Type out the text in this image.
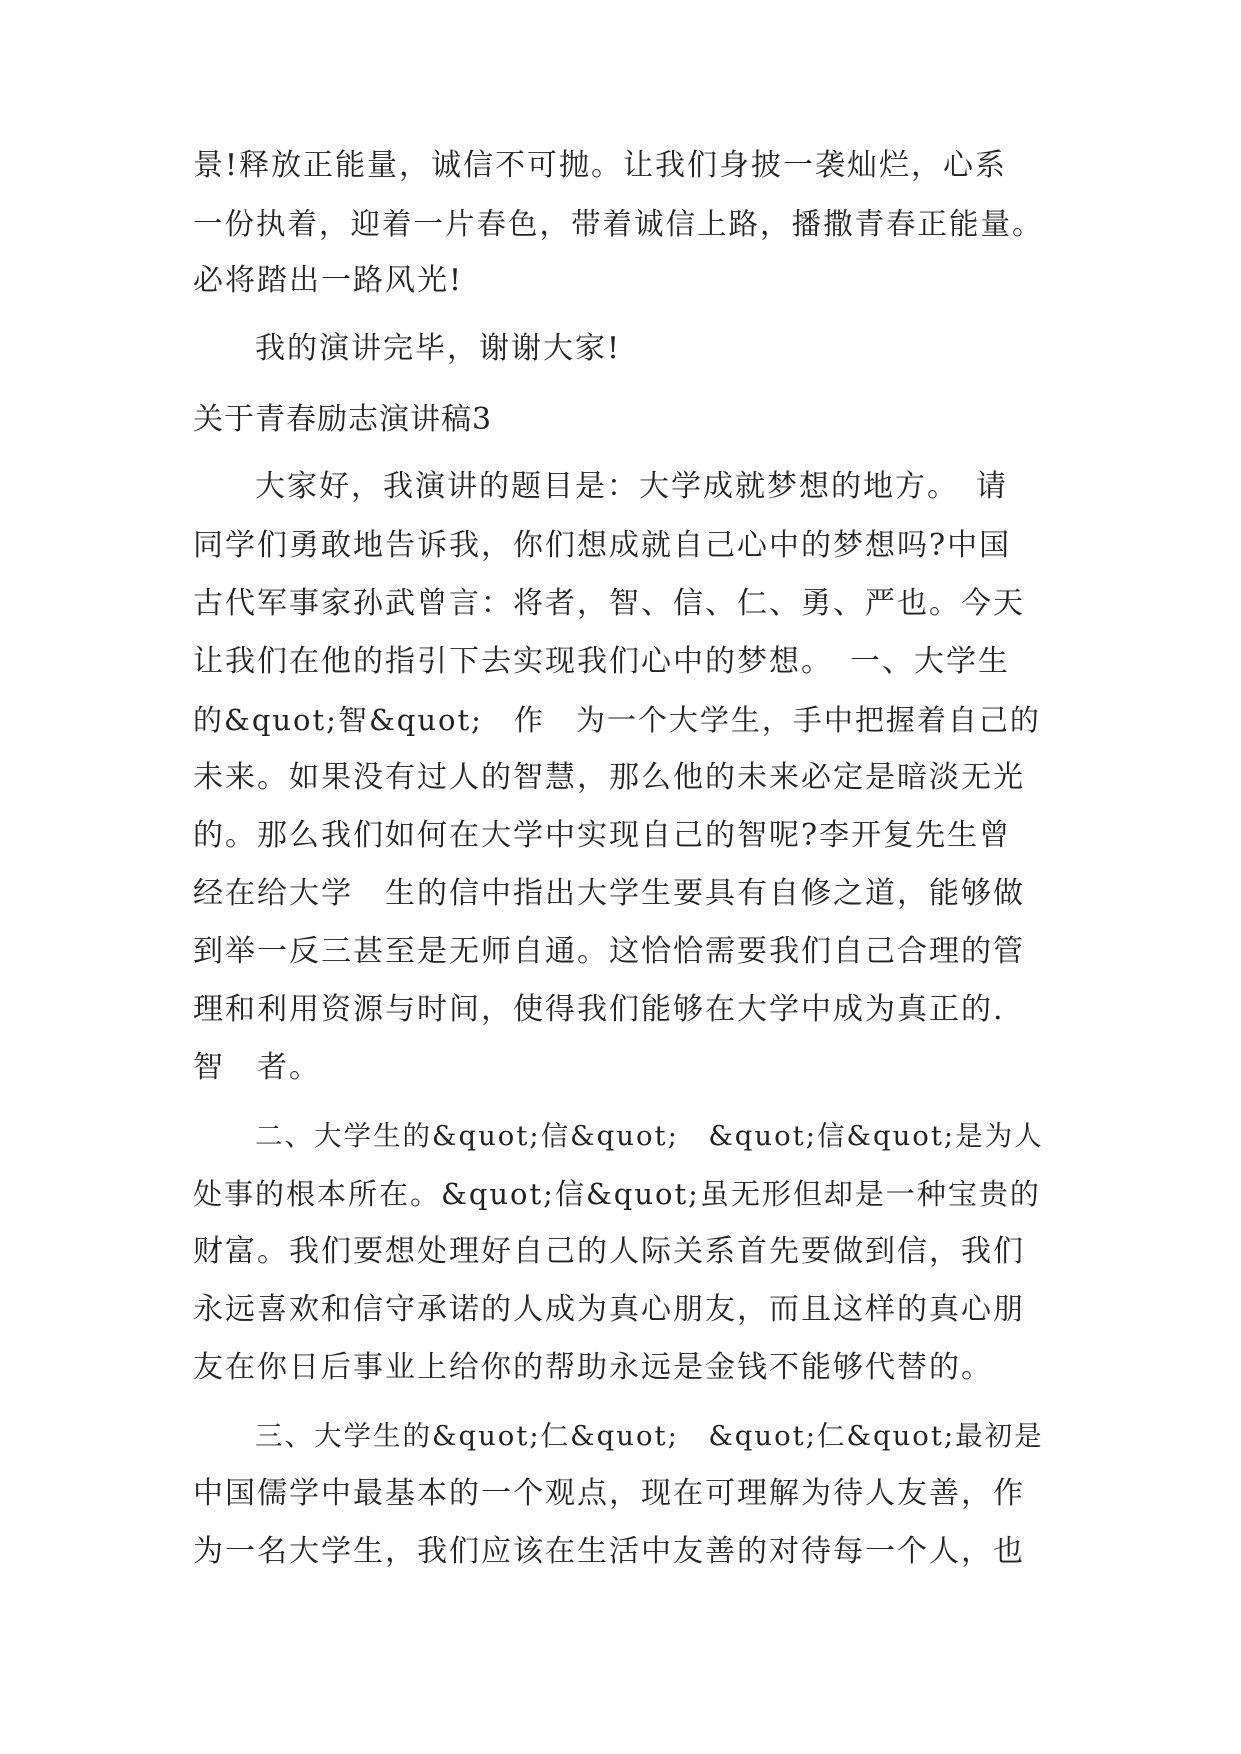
景!释放正能量，诚信不可抛。让我们身披一袭灿烂，心系
一份执着，迎着一片春色，带着诚信上路，播撒青春正能量。
必将踏出一路风光!
我的演讲完毕，谢谢大家!
关于青春励志演讲稿3
大家好，我演讲的题目是：大学成就梦想的地方。　请
同学们勇敢地告诉我，你们想成就自己心中的梦想吗?中国
古代军事家孙武曾言：将者，智、信、仁、勇、严也。今天
让我们在他的指引下去实现我们心中的梦想。　一、大学生
的&quot;智&quot;　作　为一个大学生，手中把握着自己的
未来。如果没有过人的智慧，那么他的未来必定是暗淡无光
的。那么我们如何在大学中实现自己的智呢?李开复先生曾
经在给大学　生的信中指出大学生要具有自修之道，能够做
到举一反三甚至是无师自通。这恰恰需要我们自己合理的管
理和利用资源与时间，使得我们能够在大学中成为真正的.
智　者。
二、大学生的&quot;信&quot;　&quot;信&quot;是为人
处事的根本所在。&quot;信&quot;虽无形但却是一种宝贵的
财富。我们要想处理好自己的人际关系首先要做到信，我们
永远喜欢和信守承诺的人成为真心朋友，而且这样的真心朋
友在你日后事业上给你的帮助永远是金钱不能够代替的。
三、大学生的&quot;仁&quot;　&quot;仁&quot;最初是
中国儒学中最基本的一个观点，现在可理解为待人友善，作
为一名大学生，我们应该在生活中友善的对待每一个人，也
